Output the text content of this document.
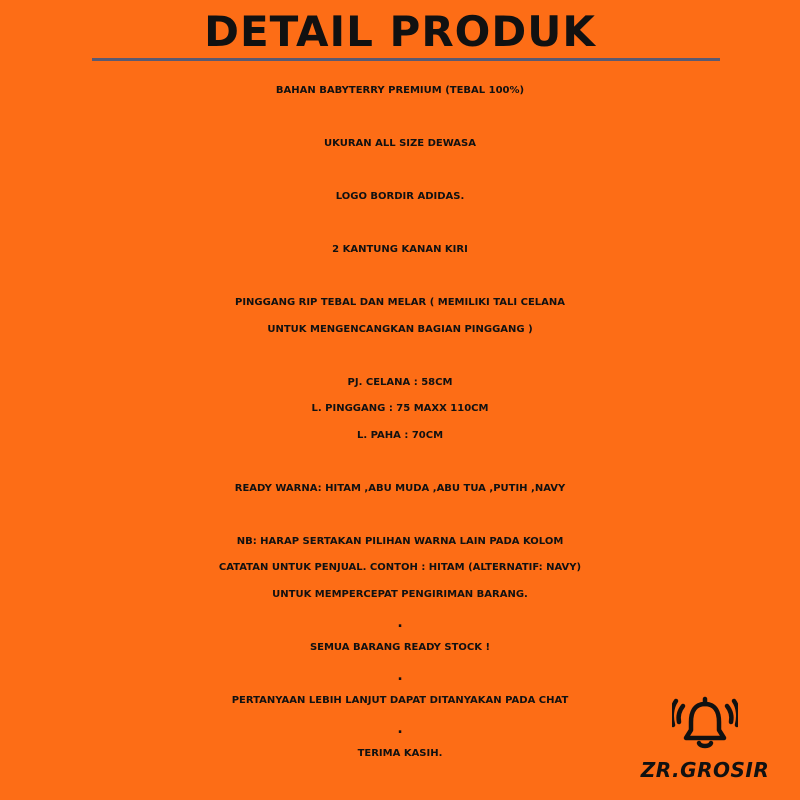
DETAIL PRODUK
BAHAN BABYTERRY PREMIUM (TEBAL 100%)
UKURAN ALL SIZE DEWASA
LOGO BORDIR ADIDAS.
2 KANTUNG KANAN KIRI
PINGGANG RIP TEBAL DAN MELAR ( MEMILIKI TALI CELANA
UNTUK MENGENCANGKAN BAGIAN PINGGANG )
PJ. CELANA : 58CM
L. PINGGANG : 75 MAXX 110CM
L. PAHA : 70CM
READY WARNA: HITAM ,ABU MUDA ,ABU TUA ,PUTIH ,NAVY
NB: HARAP SERTAKAN PILIHAN WARNA LAIN PADA KOLOM
CATATAN UNTUK PENJUAL. CONTOH : HITAM (ALTERNATIF: NAVY)
UNTUK MEMPERCEPAT PENGIRIMAN BARANG.
.
SEMUA BARANG READY STOCK !
.
PERTANYAAN LEBIH LANJUT DAPAT DITANYAKAN PADA CHAT
.
TERIMA KASIH.
ZR.GROSIR
